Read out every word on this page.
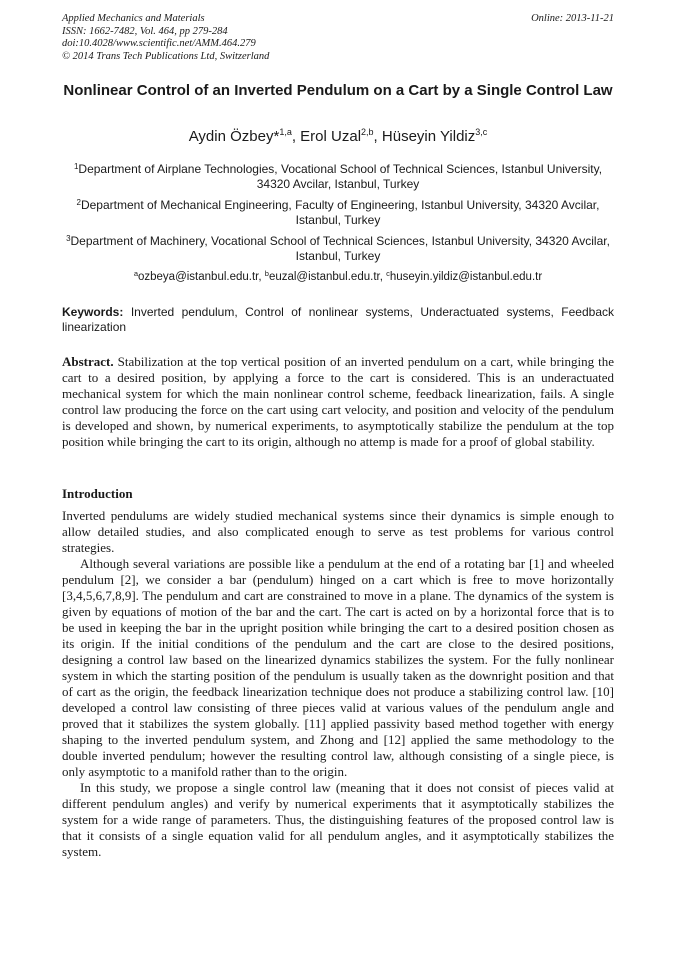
Applied Mechanics and Materials
ISSN: 1662-7482, Vol. 464, pp 279-284
doi:10.4028/www.scientific.net/AMM.464.279
© 2014 Trans Tech Publications Ltd, Switzerland
Online: 2013-11-21
Nonlinear Control of an Inverted Pendulum on a Cart by a Single Control Law
Aydin Özbey*$^{1,a}$, Erol Uzal$^{2,b}$, Hüseyin Yildiz$^{3,c}$
$^1$Department of Airplane Technologies, Vocational School of Technical Sciences, Istanbul University, 34320 Avcilar, Istanbul, Turkey
$^2$Department of Mechanical Engineering, Faculty of Engineering, Istanbul University, 34320 Avcilar, Istanbul, Turkey
$^3$Department of Machinery, Vocational School of Technical Sciences, Istanbul University, 34320 Avcilar, Istanbul, Turkey
$^a$ozbeya@istanbul.edu.tr, $^b$euzal@istanbul.edu.tr, $^c$huseyin.yildiz@istanbul.edu.tr
Keywords: Inverted pendulum, Control of nonlinear systems, Underactuated systems, Feedback linearization
Abstract. Stabilization at the top vertical position of an inverted pendulum on a cart, while bringing the cart to a desired position, by applying a force to the cart is considered. This is an underactuated mechanical system for which the main nonlinear control scheme, feedback linearization, fails. A single control law producing the force on the cart using cart velocity, and position and velocity of the pendulum is developed and shown, by numerical experiments, to asymptotically stabilize the pendulum at the top position while bringing the cart to its origin, although no attemp is made for a proof of global stability.
Introduction

Inverted pendulums are widely studied mechanical systems since their dynamics is simple enough to allow detailed studies, and also complicated enough to serve as test problems for various control strategies.

Although several variations are possible like a pendulum at the end of a rotating bar [1] and wheeled pendulum [2], we consider a bar (pendulum) hinged on a cart which is free to move horizontally [3,4,5,6,7,8,9]. The pendulum and cart are constrained to move in a plane. The dynamics of the system is given by equations of motion of the bar and the cart. The cart is acted on by a horizontal force that is to be used in keeping the bar in the upright position while bringing the cart to a desired position chosen as its origin. If the initial conditions of the pendulum and the cart are close to the desired positions, designing a control law based on the linearized dynamics stabilizes the system. For the fully nonlinear system in which the starting position of the pendulum is usually taken as the downright position and that of cart as the origin, the feedback linearization technique does not produce a stabilizing control law. [10] developed a control law consisting of three pieces valid at various values of the pendulum angle and proved that it stabilizes the system globally. [11] applied passivity based method together with energy shaping to the inverted pendulum system, and Zhong and [12] applied the same methodology to the double inverted pendulum; however the resulting control law, although consisting of a single piece, is only asymptotic to a manifold rather than to the origin.

In this study, we propose a single control law (meaning that it does not consist of pieces valid at different pendulum angles) and verify by numerical experiments that it asymptotically stabilizes the system for a wide range of parameters. Thus, the distinguishing features of the proposed control law is that it consists of a single equation valid for all pendulum angles, and it asymptotically stabilizes the system.
